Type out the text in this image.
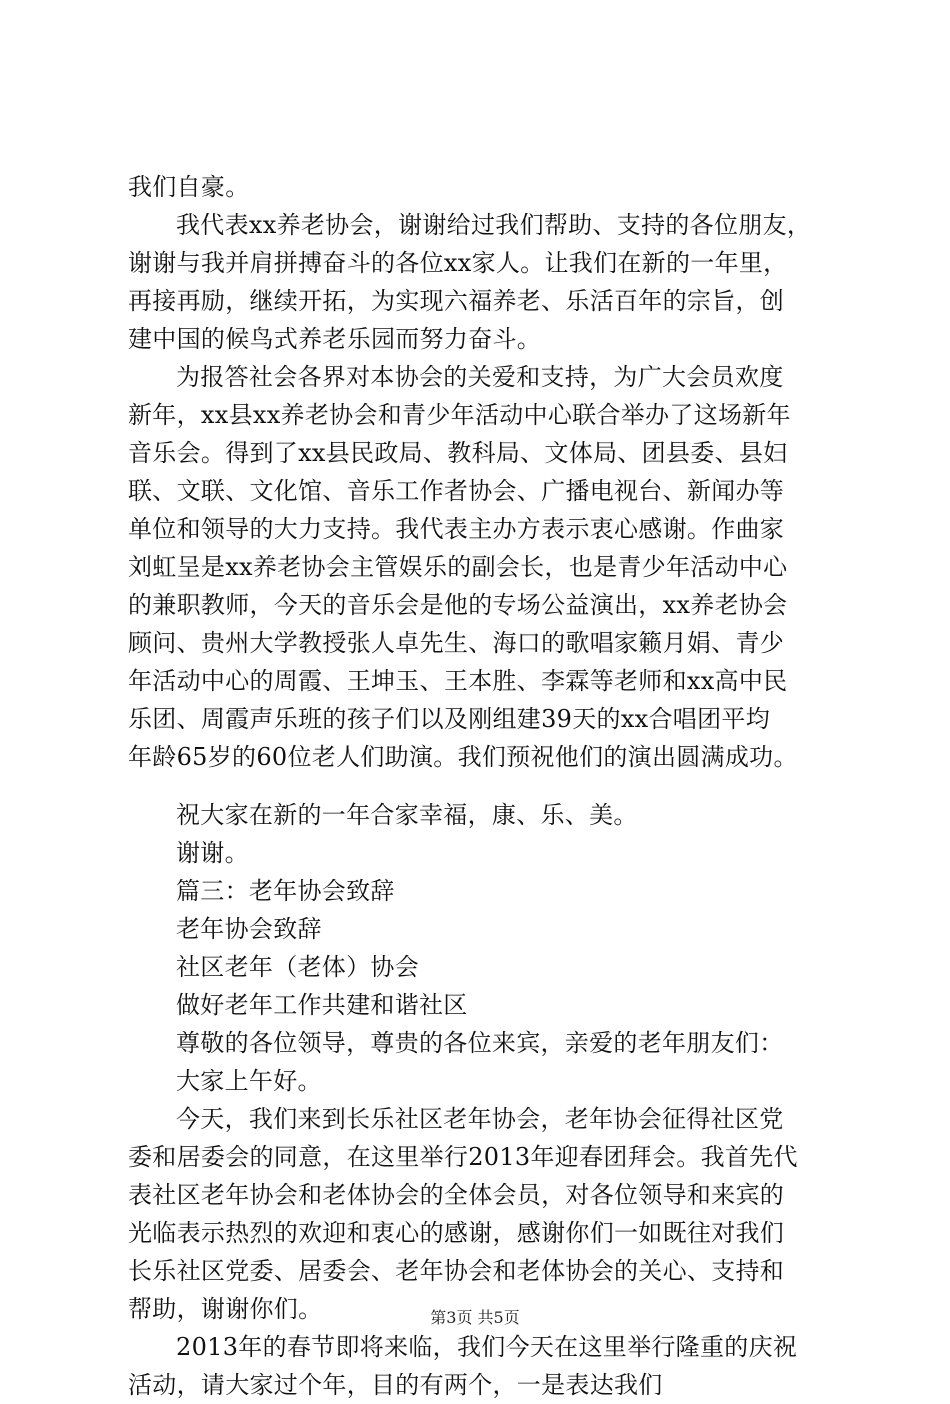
我们自豪。
我代表xx养老协会，谢谢给过我们帮助、支持的各位朋友，
谢谢与我并肩拼搏奋斗的各位xx家人。让我们在新的一年里，
再接再励，继续开拓，为实现六福养老、乐活百年的宗旨，创
建中国的候鸟式养老乐园而努力奋斗。
为报答社会各界对本协会的关爱和支持，为广大会员欢度
新年，xx县xx养老协会和青少年活动中心联合举办了这场新年
音乐会。得到了xx县民政局、教科局、文体局、团县委、县妇
联、文联、文化馆、音乐工作者协会、广播电视台、新闻办等
单位和领导的大力支持。我代表主办方表示衷心感谢。作曲家
刘虹呈是xx养老协会主管娱乐的副会长，也是青少年活动中心
的兼职教师，今天的音乐会是他的专场公益演出，xx养老协会
顾问、贵州大学教授张人卓先生、海口的歌唱家籁月娟、青少
年活动中心的周霞、王坤玉、王本胜、李霖等老师和xx高中民
乐团、周霞声乐班的孩子们以及刚组建39天的xx合唱团平均
年龄65岁的60位老人们助演。我们预祝他们的演出圆满成功。
祝大家在新的一年合家幸福，康、乐、美。
谢谢。
篇三：老年协会致辞
老年协会致辞
社区老年（老体）协会
做好老年工作共建和谐社区
尊敬的各位领导，尊贵的各位来宾，亲爱的老年朋友们：
大家上午好。
今天，我们来到长乐社区老年协会，老年协会征得社区党
委和居委会的同意，在这里举行2013年迎春团拜会。我首先代
表社区老年协会和老体协会的全体会员，对各位领导和来宾的
光临表示热烈的欢迎和衷心的感谢，感谢你们一如既往对我们
长乐社区党委、居委会、老年协会和老体协会的关心、支持和
帮助，谢谢你们。
2013年的春节即将来临，我们今天在这里举行隆重的庆祝
活动，请大家过个年，目的有两个，一是表达我们
第3页 共5页
